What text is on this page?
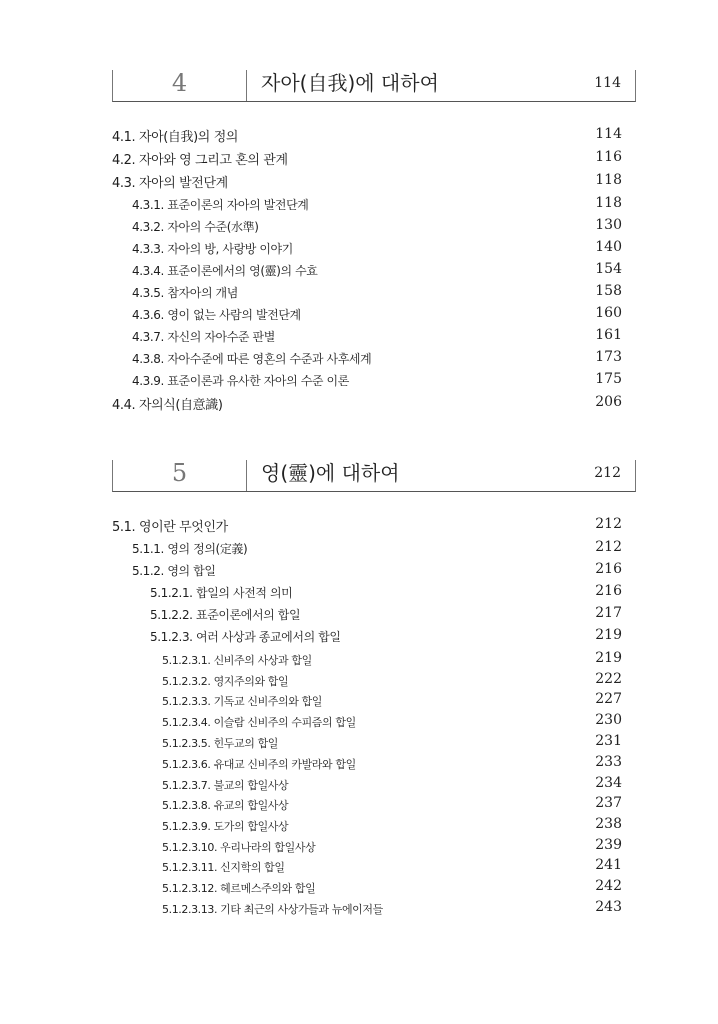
4	자아(自我)에 대하여	114
4.1. 자아(自我)의 정의	114
4.2. 자아와 영 그리고 혼의 관계	116
4.3. 자아의 발전단계	118
4.3.1. 표준이론의 자아의 발전단계	118
4.3.2. 자아의 수준(水準)	130
4.3.3. 자아의 방, 사랑방 이야기	140
4.3.4. 표준이론에서의 영(靈)의 수효	154
4.3.5. 참자아의 개념	158
4.3.6. 영이 없는 사람의 발전단계	160
4.3.7. 자신의 자아수준 판별	161
4.3.8. 자아수준에 따른 영혼의 수준과 사후세계	173
4.3.9. 표준이론과 유사한 자아의 수준 이론	175
4.4. 자의식(自意識)	206
5	영(靈)에 대하여	212
5.1. 영이란 무엇인가	212
5.1.1. 영의 정의(定義)	212
5.1.2. 영의 합일	216
5.1.2.1. 합일의 사전적 의미	216
5.1.2.2. 표준이론에서의 합일	217
5.1.2.3. 여러 사상과 종교에서의 합일	219
5.1.2.3.1. 신비주의 사상과 합일	219
5.1.2.3.2. 영지주의와 합일	222
5.1.2.3.3. 기독교 신비주의와 합일	227
5.1.2.3.4. 이슬람 신비주의 수피즘의 합일	230
5.1.2.3.5. 힌두교의 합일	231
5.1.2.3.6. 유대교 신비주의 카발라와 합일	233
5.1.2.3.7. 불교의 합일사상	234
5.1.2.3.8. 유교의 합일사상	237
5.1.2.3.9. 도가의 합일사상	238
5.1.2.3.10. 우리나라의 합일사상	239
5.1.2.3.11. 신지학의 합일	241
5.1.2.3.12. 헤르메스주의와 합일	242
5.1.2.3.13. 기타 최근의 사상가들과 뉴에이저들	243
